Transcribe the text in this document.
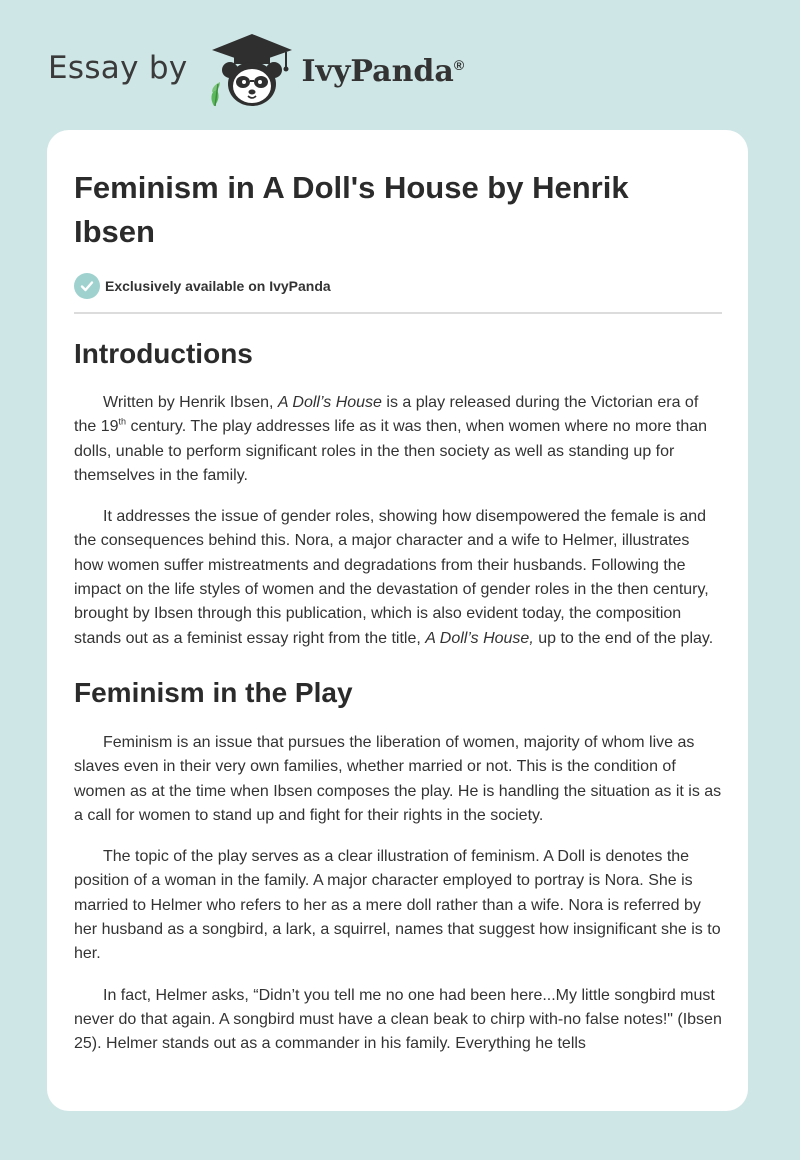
Essay by	IvyPanda®
Feminism in A Doll's House by Henrik Ibsen
Exclusively available on IvyPanda
Introductions

Written by Henrik Ibsen, A Doll’s House is a play released during the Victorian era of the 19th century. The play addresses life as it was then, when women where no more than dolls, unable to perform significant roles in the then society as well as standing up for themselves in the family.

It addresses the issue of gender roles, showing how disempowered the female is and the consequences behind this. Nora, a major character and a wife to Helmer, illustrates how women suffer mistreatments and degradations from their husbands. Following the impact on the life styles of women and the devastation of gender roles in the then century, brought by Ibsen through this publication, which is also evident today, the composition stands out as a feminist essay right from the title, A Doll’s House, up to the end of the play.

Feminism in the Play

Feminism is an issue that pursues the liberation of women, majority of whom live as slaves even in their very own families, whether married or not. This is the condition of women as at the time when Ibsen composes the play. He is handling the situation as it is as a call for women to stand up and fight for their rights in the society.

The topic of the play serves as a clear illustration of feminism. A Doll is denotes the position of a woman in the family. A major character employed to portray is Nora. She is married to Helmer who refers to her as a mere doll rather than a wife. Nora is referred by her husband as a songbird, a lark, a squirrel, names that suggest how insignificant she is to her.

In fact, Helmer asks, “Didn’t you tell me no one had been here...My little songbird must never do that again. A songbird must have a clean beak to chirp with-no false notes!" (Ibsen 25). Helmer stands out as a commander in his family. Everything he tells
